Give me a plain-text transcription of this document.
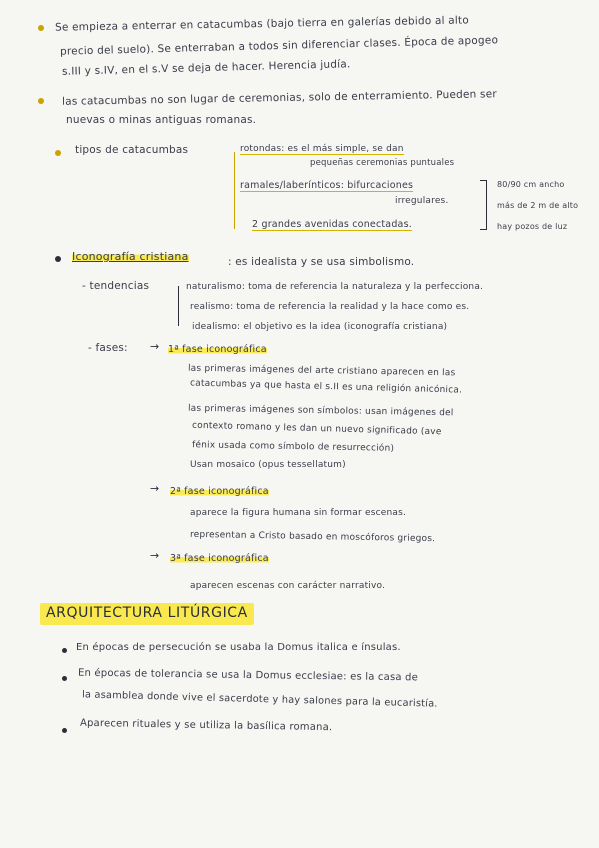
Se empieza a enterrar en catacumbas (bajo tierra en galerías debido al alto
precio del suelo). Se enterraban a todos sin diferenciar clases. Época de apogeo
s.III y s.IV, en el s.V se deja de hacer. Herencia judía.
las catacumbas no son lugar de ceremonias, solo de enterramiento. Pueden ser
nuevas o minas antiguas romanas.
tipos de catacumbas	rotondas: es el más simple, se dan
pequeñas ceremonias puntuales
ramales/laberínticos: bifurcaciones
irregulares.
2 grandes avenidas conectadas.
80/90 cm ancho
más de 2 m de alto
hay pozos de luz
Iconografía cristiana	: es idealista y se usa simbolismo.
- tendencias	naturalismo: toma de referencia la naturaleza y la perfecciona.
realismo: toma de referencia la realidad y la hace como es.
idealismo: el objetivo es la idea (iconografía cristiana)
- fases: → 1ª fase iconográfica
las primeras imágenes del arte cristiano aparecen en las
catacumbas ya que hasta el s.II es una religión anicónica.
las primeras imágenes son símbolos: usan imágenes del
contexto romano y les dan un nuevo significado (ave
fénix usada como símbolo de resurrección)
Usan mosaico (opus tessellatum)
→ 2ª fase iconográfica
aparece la figura humana sin formar escenas.
representan a Cristo basado en moscóforos griegos.
→ 3ª fase iconográfica
aparecen escenas con carácter narrativo.
ARQUITECTURA LITÚRGICA
En épocas de persecución se usaba la Domus italica e ínsulas.
En épocas de tolerancia se usa la Domus ecclesiae: es la casa de
la asamblea donde vive el sacerdote y hay salones para la eucaristía.
Aparecen rituales y se utiliza la basílica romana.
